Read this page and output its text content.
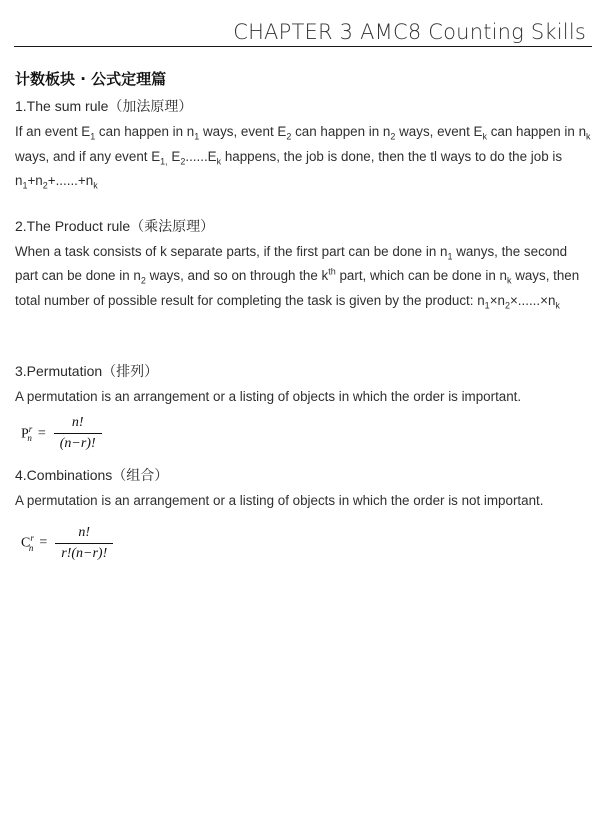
CHAPTER 3 AMC8 Counting Skills
计数板块 · 公式定理篇
1.The sum rule（加法原理）

If an event $E_1$ can happen in $n_1$ ways, event $E_2$ can happen in $n_2$ ways, event $E_k$ can happen in $n_k$ ways, and if any event $E_{1,}$ $E_2......E_k$ happens, the job is done, then the tl ways to do the job is $n_1+n_2+......+n_k$

2.The Product rule（乘法原理）

When a task consists of k separate parts, if the first part can be done in $n_1$ wanys, the second part can be done in $n_2$ ways, and so on through the $k^{th}$ part, which can be done in $n_k$ ways, then total number of possible result for completing the task is given by the product: $n_1\times n_2\times......\times n_k$

3.Permutation（排列）

A permutation is an arrangement or a listing of objects in which the order is important.

$P^r_n = \frac{n!}{(n-r)!}$
4.Combinations（组合）

A permutation is an arrangement or a listing of objects in which the order is not important.

$C^r_n = \frac{n!}{r!(n-r)!}$
